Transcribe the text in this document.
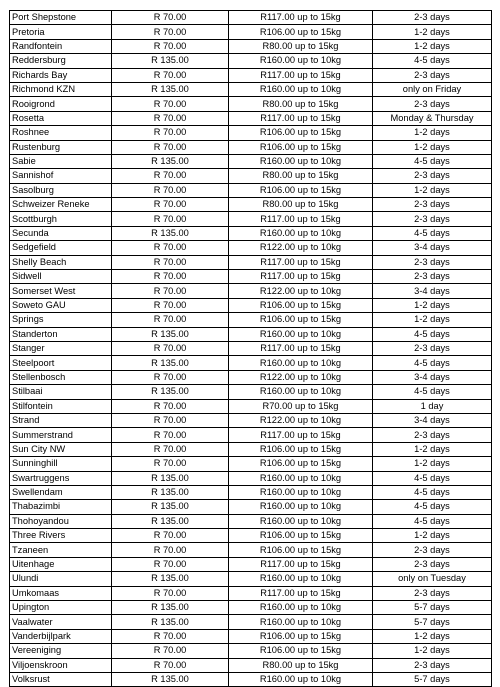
Port Shepstone	R 70.00	R117.00 up to 15kg	2-3 days
Pretoria	R 70.00	R106.00 up to 15kg	1-2 days
Randfontein	R 70.00	R80.00 up to 15kg	1-2 days
Reddersburg	R 135.00	R160.00 up to 10kg	4-5 days
Richards Bay	R 70.00	R117.00 up to 15kg	2-3 days
Richmond KZN	R 135.00	R160.00 up to 10kg	only on Friday
Rooigrond	R 70.00	R80.00 up to 15kg	2-3 days
Rosetta	R 70.00	R117.00 up to 15kg	Monday & Thursday
Roshnee	R 70.00	R106.00 up to 15kg	1-2 days
Rustenburg	R 70.00	R106.00 up to 15kg	1-2 days
Sabie	R 135.00	R160.00 up to 10kg	4-5 days
Sannishof	R 70.00	R80.00 up to 15kg	2-3 days
Sasolburg	R 70.00	R106.00 up to 15kg	1-2 days
Schweizer Reneke	R 70.00	R80.00 up to 15kg	2-3 days
Scottburgh	R 70.00	R117.00 up to 15kg	2-3 days
Secunda	R 135.00	R160.00 up to 10kg	4-5 days
Sedgefield	R 70.00	R122.00 up to 10kg	3-4 days
Shelly Beach	R 70.00	R117.00 up to 15kg	2-3 days
Sidwell	R 70.00	R117.00 up to 15kg	2-3 days
Somerset West	R 70.00	R122.00 up to 10kg	3-4 days
Soweto GAU	R 70.00	R106.00 up to 15kg	1-2 days
Springs	R 70.00	R106.00 up to 15kg	1-2 days
Standerton	R 135.00	R160.00 up to 10kg	4-5 days
Stanger	R 70.00	R117.00 up to 15kg	2-3 days
Steelpoort	R 135.00	R160.00 up to 10kg	4-5 days
Stellenbosch	R 70.00	R122.00 up to 10kg	3-4 days
Stilbaai	R 135.00	R160.00 up to 10kg	4-5 days
Stilfontein	R 70.00	R70.00 up to 15kg	1 day
Strand	R 70.00	R122.00 up to 10kg	3-4 days
Summerstrand	R 70.00	R117.00 up to 15kg	2-3 days
Sun City NW	R 70.00	R106.00 up to 15kg	1-2 days
Sunninghill	R 70.00	R106.00 up to 15kg	1-2 days
Swartruggens	R 135.00	R160.00 up to 10kg	4-5 days
Swellendam	R 135.00	R160.00 up to 10kg	4-5 days
Thabazimbi	R 135.00	R160.00 up to 10kg	4-5 days
Thohoyandou	R 135.00	R160.00 up to 10kg	4-5 days
Three Rivers	R 70.00	R106.00 up to 15kg	1-2 days
Tzaneen	R 70.00	R106.00 up to 15kg	2-3 days
Uitenhage	R 70.00	R117.00 up to 15kg	2-3 days
Ulundi	R 135.00	R160.00 up to 10kg	only on Tuesday
Umkomaas	R 70.00	R117.00 up to 15kg	2-3 days
Upington	R 135.00	R160.00 up to 10kg	5-7 days
Vaalwater	R 135.00	R160.00 up to 10kg	5-7 days
Vanderbijlpark	R 70.00	R106.00 up to 15kg	1-2 days
Vereeniging	R 70.00	R106.00 up to 15kg	1-2 days
Viljoenskroon	R 70.00	R80.00 up to 15kg	2-3 days
Volksrust	R 135.00	R160.00 up to 10kg	5-7 days
